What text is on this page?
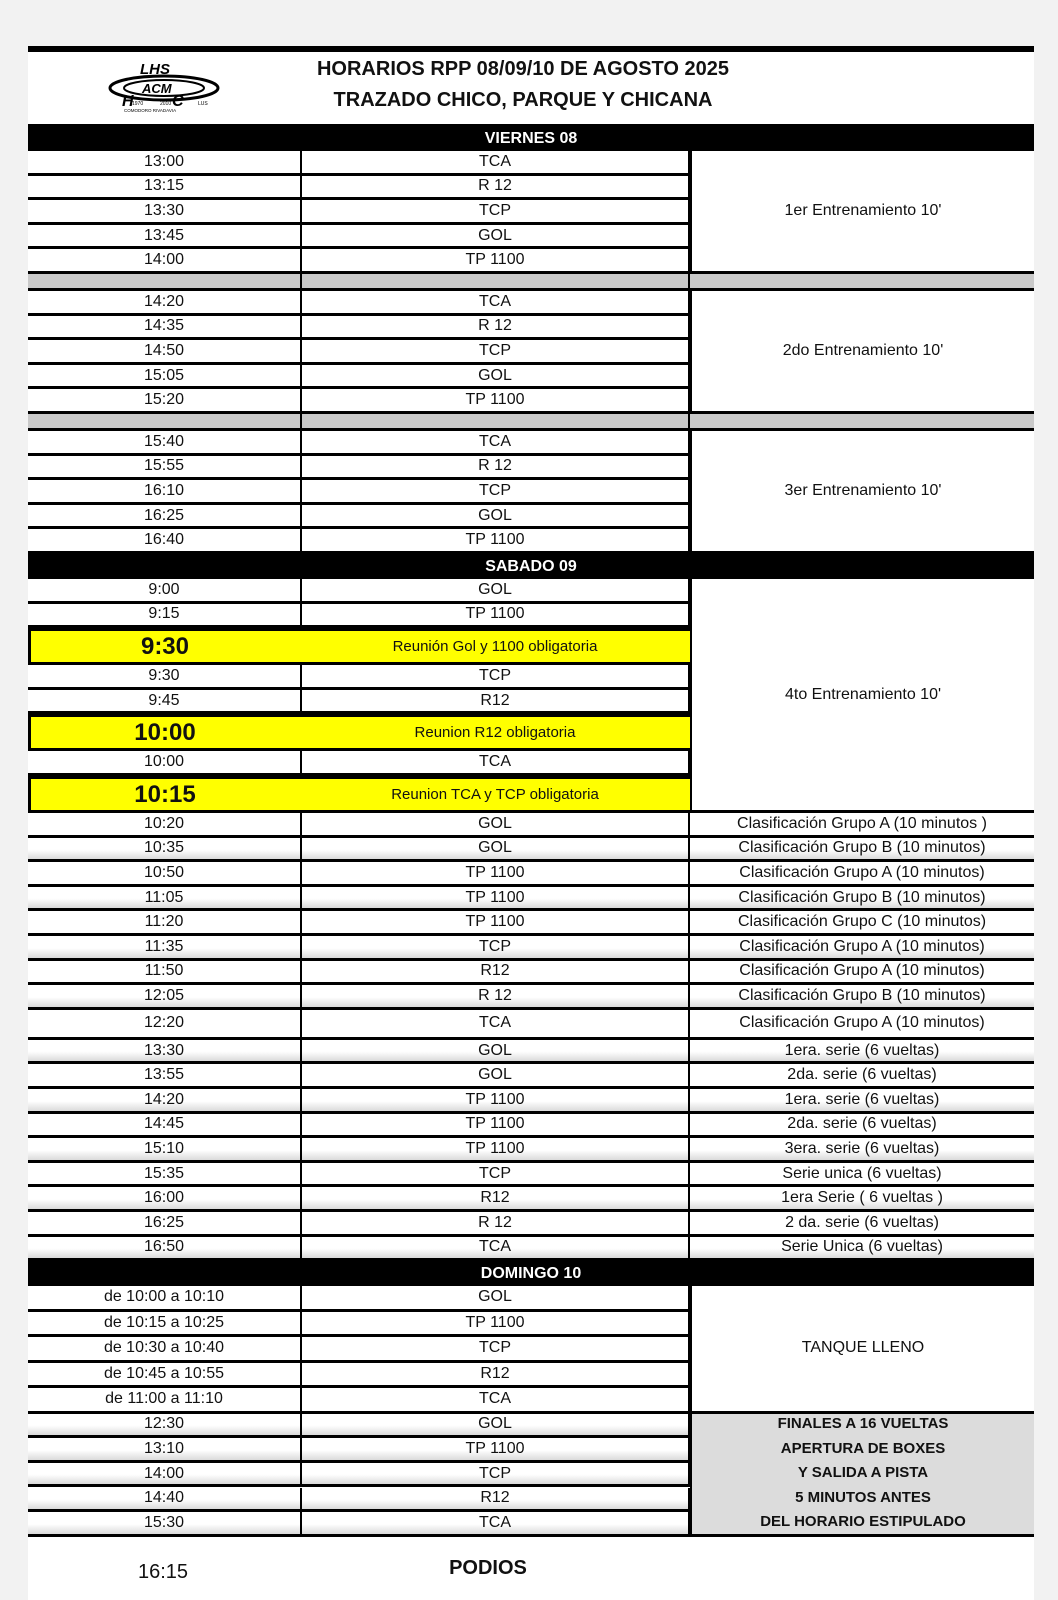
LHS
ACM
H C
1970	2010	LUS
COMODORO RIVADAVIA
HORARIOS RPP 08/09/10 DE AGOSTO 2025
TRAZADO CHICO, PARQUE Y CHICANA
VIERNES 08
13:00	TCA
13:15	R 12
13:30	TCP
13:45	GOL
14:00	TP 1100
1er Entrenamiento 10'
14:20	TCA
14:35	R 12
14:50	TCP
15:05	GOL
15:20	TP 1100
2do Entrenamiento 10'
15:40	TCA
15:55	R 12
16:10	TCP
16:25	GOL
16:40	TP 1100
3er Entrenamiento 10'
SABADO 09
9:00	GOL
9:15	TP 1100
9:30	Reunión Gol y 1100 obligatoria
9:30	TCP
9:45	R12
10:00	Reunion R12 obligatoria
10:00	TCA
10:15	Reunion TCA y TCP obligatoria
4to Entrenamiento 10'
10:20	GOL	Clasificación Grupo A (10 minutos )
10:35	GOL	Clasificación Grupo B (10 minutos)
10:50	TP 1100	Clasificación Grupo A (10 minutos)
11:05	TP 1100	Clasificación Grupo B (10 minutos)
11:20	TP 1100	Clasificación Grupo C (10 minutos)
11:35	TCP	Clasificación Grupo A (10 minutos)
11:50	R12	Clasificación Grupo A (10 minutos)
12:05	R 12	Clasificación Grupo B (10 minutos)
12:20	TCA	Clasificación Grupo A (10 minutos)
13:30	GOL	1era. serie (6 vueltas)
13:55	GOL	2da. serie (6 vueltas)
14:20	TP 1100	1era. serie (6 vueltas)
14:45	TP 1100	2da. serie (6 vueltas)
15:10	TP 1100	3era. serie (6 vueltas)
15:35	TCP	Serie unica (6 vueltas)
16:00	R12	1era Serie ( 6 vueltas )
16:25	R 12	2 da. serie (6 vueltas)
16:50	TCA	Serie Unica (6 vueltas)
DOMINGO 10
de 10:00 a 10:10	GOL
de 10:15 a 10:25	TP 1100
de 10:30 a 10:40	TCP
de 10:45 a 10:55	R12
de 11:00 a 11:10	TCA
TANQUE LLENO
12:30	GOL
13:10	TP 1100
14:00	TCP
14:40	R12
15:30	TCA
FINALES A 16 VUELTAS
APERTURA DE BOXES
Y SALIDA A PISTA
5 MINUTOS ANTES
DEL HORARIO ESTIPULADO
16:15	PODIOS
